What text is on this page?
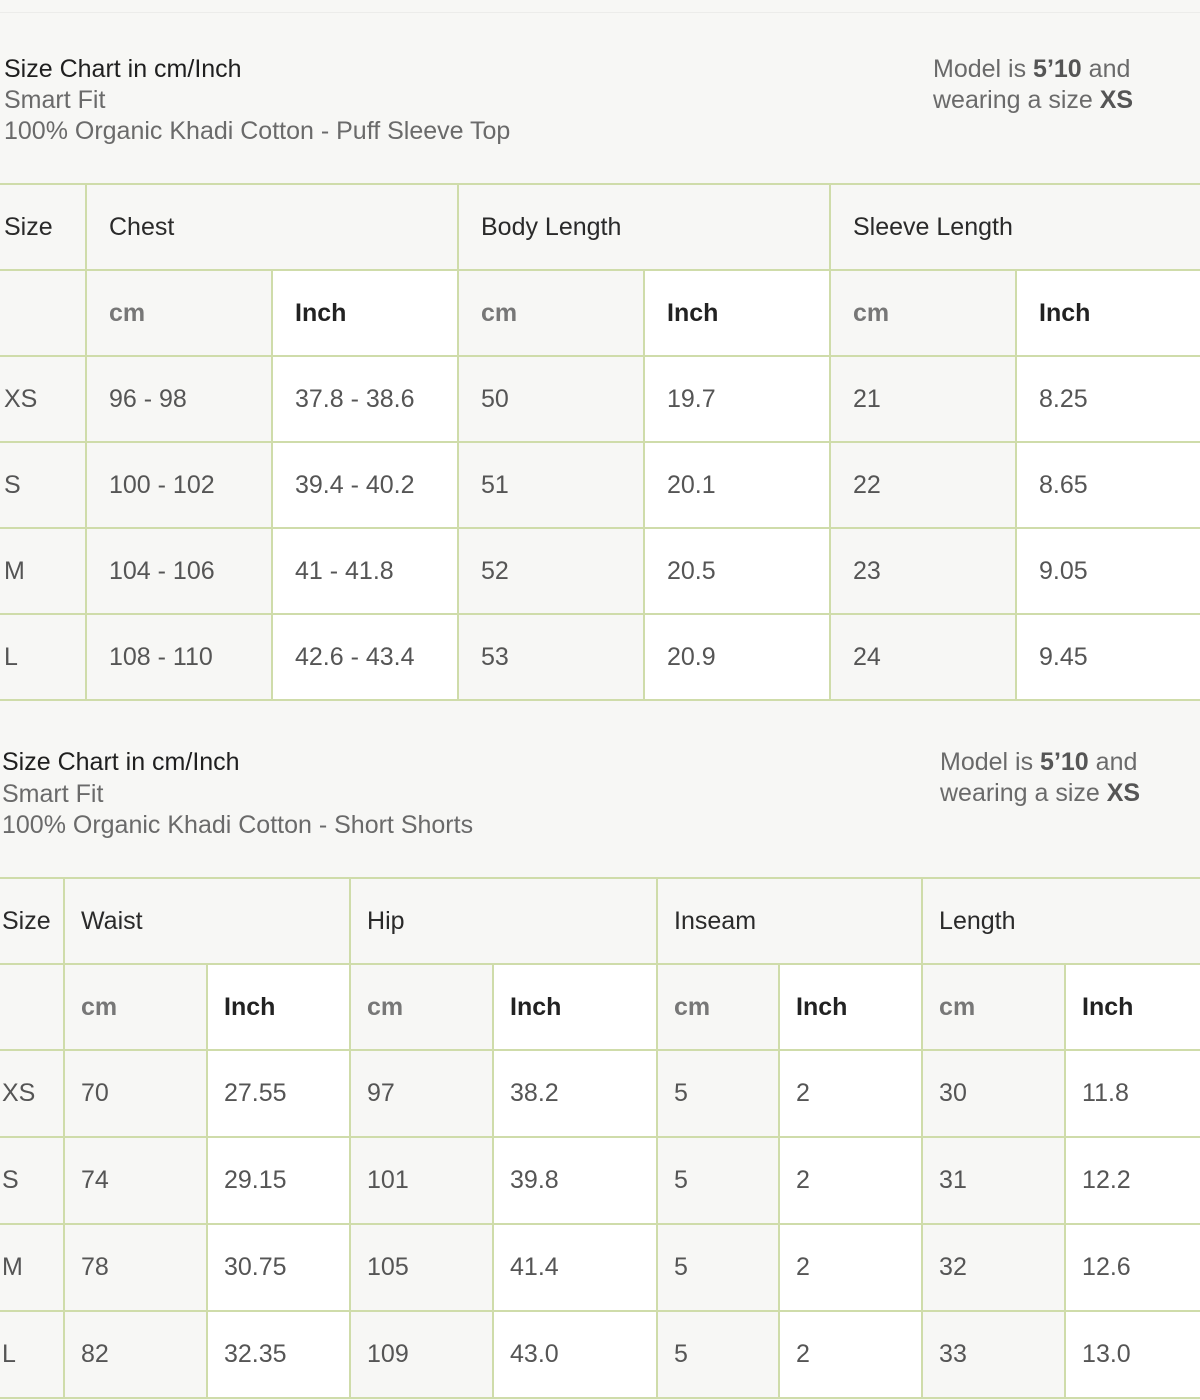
Size Chart in cm/Inch
Smart Fit
100% Organic Khadi Cotton - Puff Sleeve Top
Model is 5’10 and
wearing a size XS
Size	Chest		Body Length		Sleeve Length	
	cm	Inch	cm	Inch	cm	Inch
XS	96 - 98	37.8 - 38.6	50	19.7	21	8.25
S	100 - 102	39.4 - 40.2	51	20.1	22	8.65
M	104 - 106	41 - 41.8	52	20.5	23	9.05
L	108 - 110	42.6 - 43.4	53	20.9	24	9.45
Size Chart in cm/Inch
Smart Fit
100% Organic Khadi Cotton - Short Shorts
Model is 5’10 and
wearing a size XS
Size	Waist		Hip		Inseam		Length	
	cm	Inch	cm	Inch	cm	Inch	cm	Inch
XS	70	27.55	97	38.2	5	2	30	11.8
S	74	29.15	101	39.8	5	2	31	12.2
M	78	30.75	105	41.4	5	2	32	12.6
L	82	32.35	109	43.0	5	2	33	13.0
